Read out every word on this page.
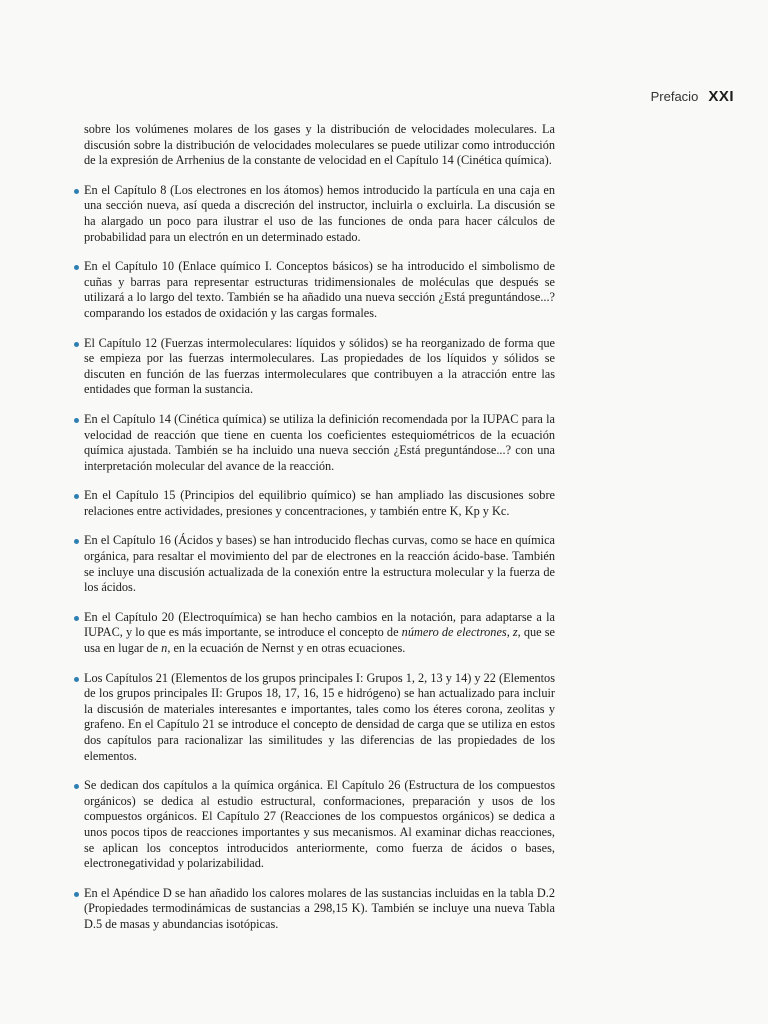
Prefacio XXI

sobre los volúmenes molares de los gases y la distribución de velocidades moleculares. La discusión sobre la distribución de velocidades moleculares se puede utilizar como introducción de la expresión de Arrhenius de la constante de velocidad en el Capítulo 14 (Cinética química).

En el Capítulo 8 (Los electrones en los átomos) hemos introducido la partícula en una caja en una sección nueva, así queda a discreción del instructor, incluirla o excluirla. La discusión se ha alargado un poco para ilustrar el uso de las funciones de onda para hacer cálculos de probabilidad para un electrón en un determinado estado.
En el Capítulo 10 (Enlace químico I. Conceptos básicos) se ha introducido el simbolismo de cuñas y barras para representar estructuras tridimensionales de moléculas que después se utilizará a lo largo del texto. También se ha añadido una nueva sección ¿Está preguntándose...? comparando los estados de oxidación y las cargas formales.
El Capítulo 12 (Fuerzas intermoleculares: líquidos y sólidos) se ha reorganizado de forma que se empieza por las fuerzas intermoleculares. Las propiedades de los líquidos y sólidos se discuten en función de las fuerzas intermoleculares que contribuyen a la atracción entre las entidades que forman la sustancia.
En el Capítulo 14 (Cinética química) se utiliza la definición recomendada por la IUPAC para la velocidad de reacción que tiene en cuenta los coeficientes estequiométricos de la ecuación química ajustada. También se ha incluido una nueva sección ¿Está preguntándose...? con una interpretación molecular del avance de la reacción.
En el Capítulo 15 (Principios del equilibrio químico) se han ampliado las discusiones sobre relaciones entre actividades, presiones y concentraciones, y también entre K, Kp y Kc.
En el Capítulo 16 (Ácidos y bases) se han introducido flechas curvas, como se hace en química orgánica, para resaltar el movimiento del par de electrones en la reacción ácido-base. También se incluye una discusión actualizada de la conexión entre la estructura molecular y la fuerza de los ácidos.
En el Capítulo 20 (Electroquímica) se han hecho cambios en la notación, para adaptarse a la IUPAC, y lo que es más importante, se introduce el concepto de número de electrones, z, que se usa en lugar de n, en la ecuación de Nernst y en otras ecuaciones.
Los Capítulos 21 (Elementos de los grupos principales I: Grupos 1, 2, 13 y 14) y 22 (Elementos de los grupos principales II: Grupos 18, 17, 16, 15 e hidrógeno) se han actualizado para incluir la discusión de materiales interesantes e importantes, tales como los éteres corona, zeolitas y grafeno. En el Capítulo 21 se introduce el concepto de densidad de carga que se utiliza en estos dos capítulos para racionalizar las similitudes y las diferencias de las propiedades de los elementos.
Se dedican dos capítulos a la química orgánica. El Capítulo 26 (Estructura de los compuestos orgánicos) se dedica al estudio estructural, conformaciones, preparación y usos de los compuestos orgánicos. El Capítulo 27 (Reacciones de los compuestos orgánicos) se dedica a unos pocos tipos de reacciones importantes y sus mecanismos. Al examinar dichas reacciones, se aplican los conceptos introducidos anteriormente, como fuerza de ácidos o bases, electronegatividad y polarizabilidad.
En el Apéndice D se han añadido los calores molares de las sustancias incluidas en la tabla D.2 (Propiedades termodinámicas de sustancias a 298,15 K). También se incluye una nueva Tabla D.5 de masas y abundancias isotópicas.
